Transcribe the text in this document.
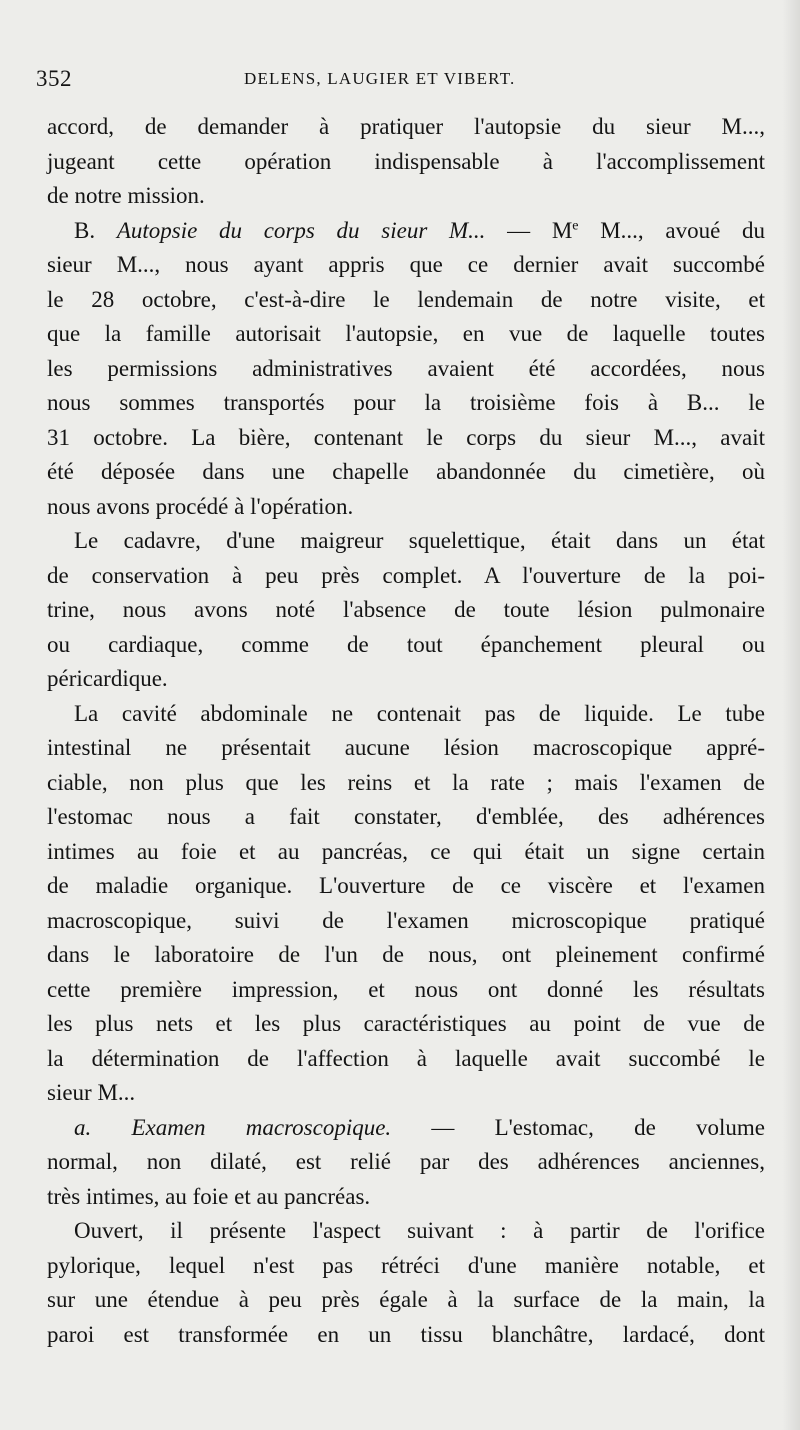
352	DELENS, LAUGIER ET VIBERT.

accord, de demander à pratiquer l'autopsie du sieur M...,

jugeant cette opération indispensable à l'accomplissement

de notre mission.

B. Autopsie du corps du sieur M... — Me M..., avoué du

sieur M..., nous ayant appris que ce dernier avait succombé

le 28 octobre, c'est-à-dire le lendemain de notre visite, et

que la famille autorisait l'autopsie, en vue de laquelle toutes

les permissions administratives avaient été accordées, nous

nous sommes transportés pour la troisième fois à B... le

31 octobre. La bière, contenant le corps du sieur M..., avait

été déposée dans une chapelle abandonnée du cimetière, où

nous avons procédé à l'opération.

Le cadavre, d'une maigreur squelettique, était dans un état

de conservation à peu près complet. A l'ouverture de la poi-

trine, nous avons noté l'absence de toute lésion pulmonaire

ou cardiaque, comme de tout épanchement pleural ou

péricardique.

La cavité abdominale ne contenait pas de liquide. Le tube

intestinal ne présentait aucune lésion macroscopique appré-

ciable, non plus que les reins et la rate ; mais l'examen de

l'estomac nous a fait constater, d'emblée, des adhérences

intimes au foie et au pancréas, ce qui était un signe certain

de maladie organique. L'ouverture de ce viscère et l'examen

macroscopique, suivi de l'examen microscopique pratiqué

dans le laboratoire de l'un de nous, ont pleinement confirmé

cette première impression, et nous ont donné les résultats

les plus nets et les plus caractéristiques au point de vue de

la détermination de l'affection à laquelle avait succombé le

sieur M...

a. Examen macroscopique. — L'estomac, de volume

normal, non dilaté, est relié par des adhérences anciennes,

très intimes, au foie et au pancréas.

Ouvert, il présente l'aspect suivant : à partir de l'orifice

pylorique, lequel n'est pas rétréci d'une manière notable, et

sur une étendue à peu près égale à la surface de la main, la

paroi est transformée en un tissu blanchâtre, lardacé, dont
